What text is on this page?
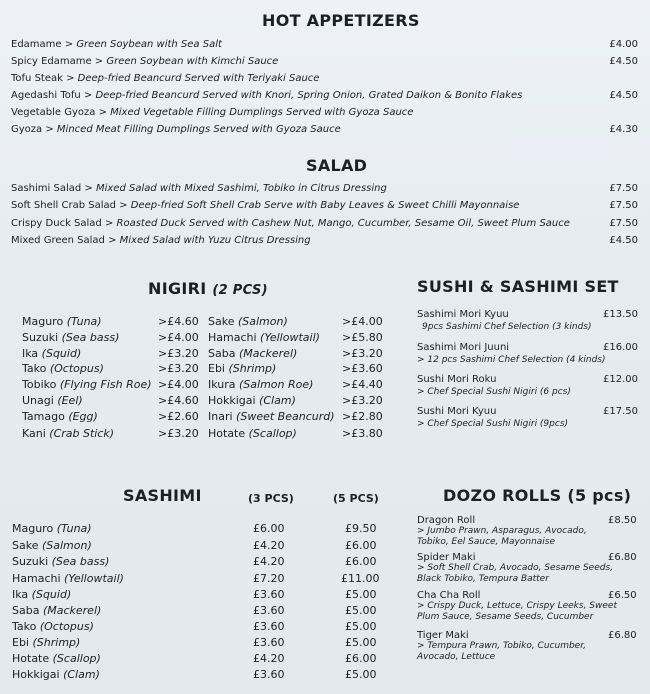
HOT APPETIZERS
Edamame > Green Soybean with Sea Salt	£4.00
Spicy Edamame > Green Soybean with Kimchi Sauce	£4.50
Tofu Steak > Deep-fried Beancurd Served with Teriyaki Sauce
Agedashi Tofu > Deep-fried Beancurd Served with Knori, Spring Onion, Grated Daikon & Bonito Flakes	£4.50
Vegetable Gyoza > Mixed Vegetable Filling Dumplings Served with Gyoza Sauce
Gyoza > Minced Meat Filling Dumplings Served with Gyoza Sauce	£4.30
SALAD
Sashimi Salad > Mixed Salad with Mixed Sashimi, Tobiko in Citrus Dressing	£7.50
Soft Shell Crab Salad > Deep-fried Soft Shell Crab Serve with Baby Leaves & Sweet Chilli Mayonnaise	£7.50
Crispy Duck Salad > Roasted Duck Served with Cashew Nut, Mango, Cucumber, Sesame Oil, Sweet Plum Sauce	£7.50
Mixed Green Salad > Mixed Salad with Yuzu Citrus Dressing	£4.50
NIGIRI (2 PCS)
Maguro (Tuna)	>£4.60
Suzuki (Sea bass)	>£4.00
Ika (Squid)	>£3.20
Tako (Octopus)	>£3.20
Tobiko (Flying Fish Roe) >£4.00
Unagi (Eel)	>£4.60
Tamago (Egg)	>£2.60
Kani (Crab Stick)	>£3.20
Sake (Salmon)	>£4.00
Hamachi (Yellowtail) >£5.80
Saba (Mackerel)	>£3.20
Ebi (Shrimp)	>£3.60
Ikura (Salmon Roe)	>£4.40
Hokkigai (Clam)	>£3.20
Inari (Sweet Beancurd) >£2.80
Hotate (Scallop)	>£3.80
SUSHI & SASHIMI SET
Sashimi Mori Kyuu	£13.50
9pcs Sashimi Chef Selection (3 kinds)
Sashimi Mori Juuni	£16.00
> 12 pcs Sashimi Chef Selection (4 kinds)
Sushi Mori Roku	£12.00
> Chef Special Sushi Nigiri (6 pcs)
Sushi Mori Kyuu	£17.50
> Chef Special Sushi Nigiri (9pcs)
SASHIMI	(3 PCS)	(5 PCS)
Maguro (Tuna)	£6.00	£9.50
Sake (Salmon)	£4.20	£6.00
Suzuki (Sea bass)	£4.20	£6.00
Hamachi (Yellowtail)	£7.20	£11.00
Ika (Squid)	£3.60	£5.00
Saba (Mackerel)	£3.60	£5.00
Tako (Octopus)	£3.60	£5.00
Ebi (Shrimp)	£3.60	£5.00
Hotate (Scallop)	£4.20	£6.00
Hokkigai (Clam)	£3.60	£5.00
DOZO ROLLS (5 pcs)
Dragon Roll	£8.50
> Jumbo Prawn, Asparagus, Avocado, Tobiko, Eel Sauce, Mayonnaise
Spider Maki	£6.80
> Soft Shell Crab, Avocado, Sesame Seeds, Black Tobiko, Tempura Batter
Cha Cha Roll	£6.50
> Crispy Duck, Lettuce, Crispy Leeks, Sweet Plum Sauce, Sesame Seeds, Cucumber
Tiger Maki	£6.80
> Tempura Prawn, Tobiko, Cucumber, Avocado, Lettuce
